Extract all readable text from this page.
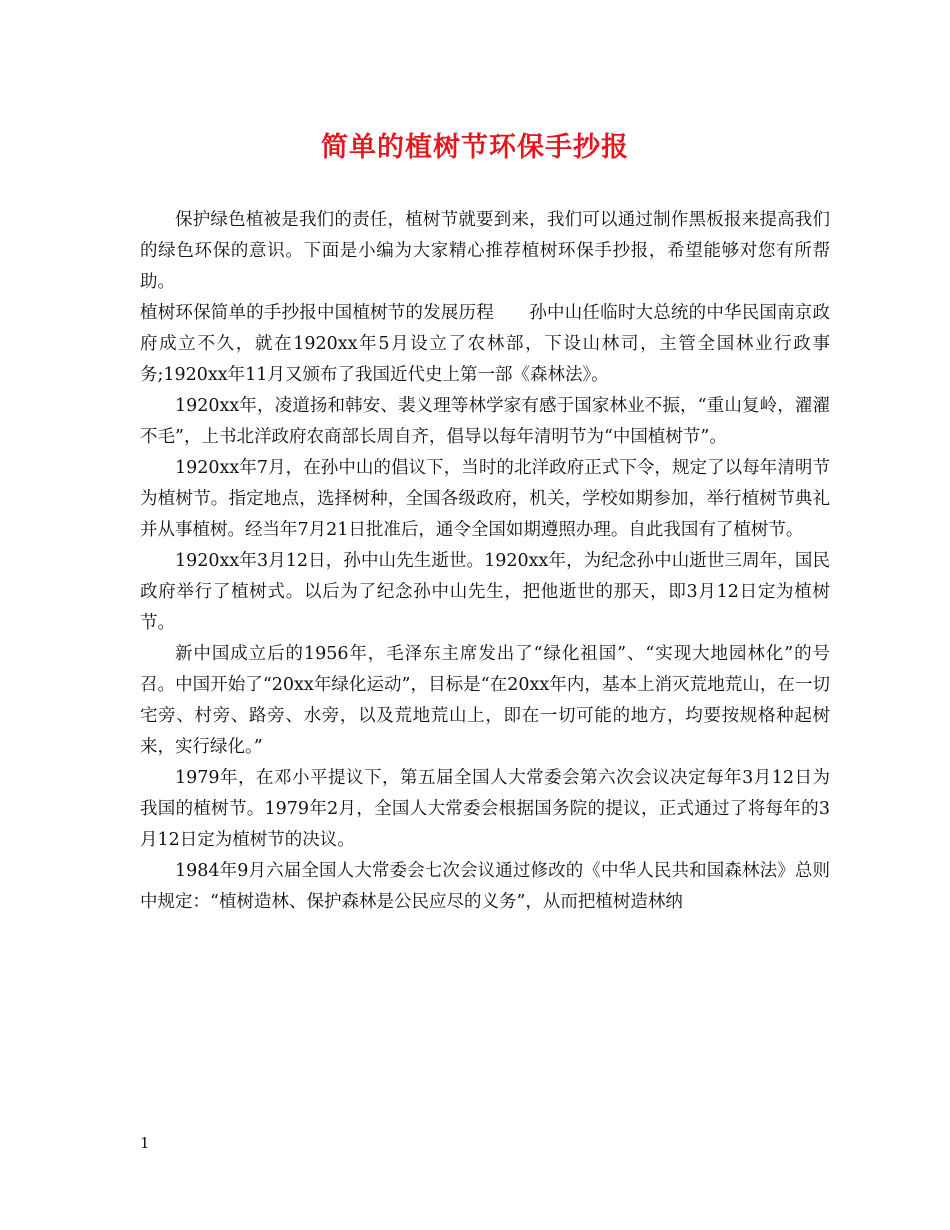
简单的植树节环保手抄报

保护绿色植被是我们的责任，植树节就要到来，我们可以通过制作黑板报来提高我们的绿色环保的意识。下面是小编为大家精心推荐植树环保手抄报，希望能够对您有所帮助。

植树环保简单的手抄报中国植树节的发展历程　　孙中山任临时大总统的中华民国南京政府成立不久，就在1920xx年5月设立了农林部，下设山林司，主管全国林业行政事务;1920xx年11月又颁布了我国近代史上第一部《森林法》。

1920xx年，凌道扬和韩安、裴义理等林学家有感于国家林业不振，“重山复岭，濯濯不毛”，上书北洋政府农商部长周自齐，倡导以每年清明节为“中国植树节”。

1920xx年7月，在孙中山的倡议下，当时的北洋政府正式下令，规定了以每年清明节为植树节。指定地点，选择树种，全国各级政府，机关，学校如期参加，举行植树节典礼并从事植树。经当年7月21日批准后，通令全国如期遵照办理。自此我国有了植树节。

1920xx年3月12日，孙中山先生逝世。1920xx年，为纪念孙中山逝世三周年，国民政府举行了植树式。以后为了纪念孙中山先生，把他逝世的那天，即3月12日定为植树节。

新中国成立后的1956年，毛泽东主席发出了“绿化祖国”、“实现大地园林化”的号召。中国开始了“20xx年绿化运动”，目标是“在20xx年内，基本上消灭荒地荒山，在一切宅旁、村旁、路旁、水旁，以及荒地荒山上，即在一切可能的地方，均要按规格种起树来，实行绿化。”

1979年，在邓小平提议下，第五届全国人大常委会第六次会议决定每年3月12日为我国的植树节。1979年2月，全国人大常委会根据国务院的提议，正式通过了将每年的3月12日定为植树节的决议。

1984年9月六届全国人大常委会七次会议通过修改的《中华人民共和国森林法》总则中规定：“植树造林、保护森林是公民应尽的义务”，从而把植树造林纳

1
